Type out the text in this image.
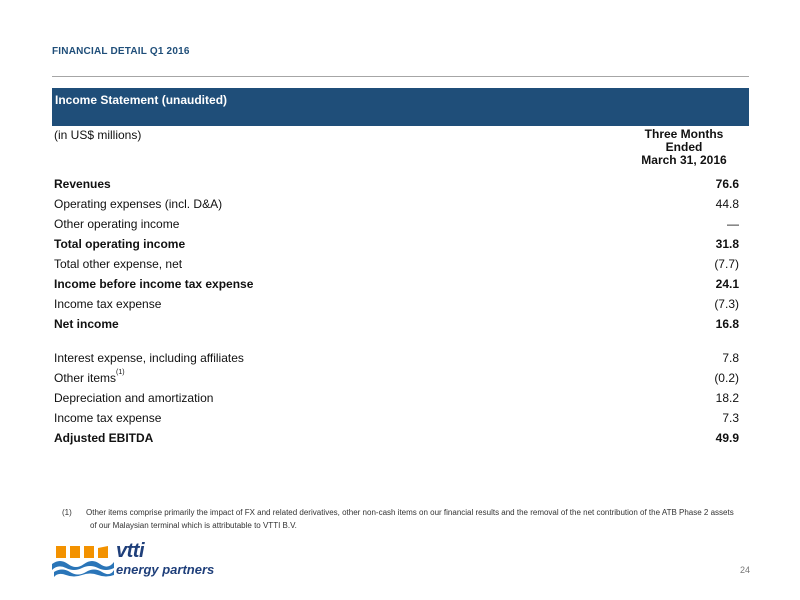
FINANCIAL DETAIL Q1 2016
Income Statement (unaudited)
(in US$ millions)	Three Months
Ended
March 31, 2016
Revenues	76.6
Operating expenses (incl. D&A)	44.8
Other operating income	—
Total operating income	31.8
Total other expense, net	(7.7)
Income before income tax expense	24.1
Income tax expense	(7.3)
Net income	16.8
Interest expense, including affiliates	7.8
Other items$^{(1)}$	(0.2)
Depreciation and amortization	18.2
Income tax expense	7.3
Adjusted EBITDA	49.9
(1) Other items comprise primarily the impact of FX and related derivatives, other non-cash items on our financial results and the removal of the net contribution of the ATB Phase 2 assets of our Malaysian terminal which is attributable to VTTI B.V.
vtti
energy partners	24
